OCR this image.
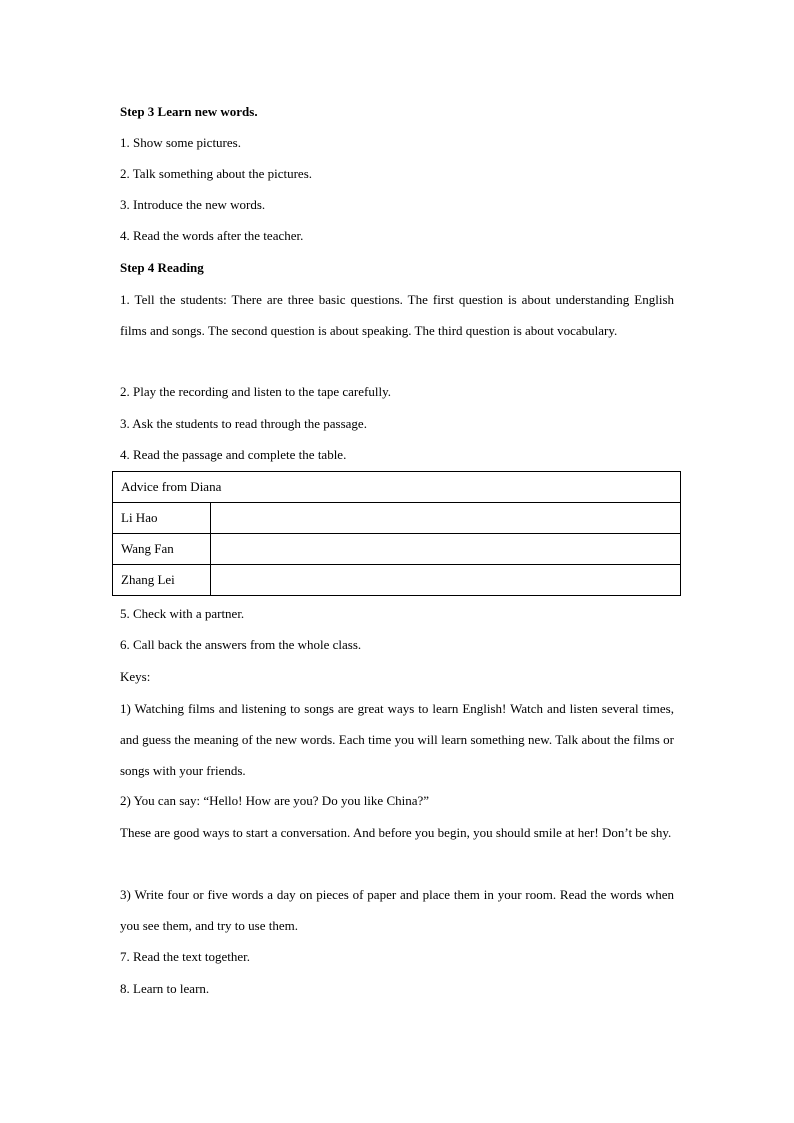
Step 3 Learn new words.
1. Show some pictures.
2. Talk something about the pictures.
3. Introduce the new words.
4. Read the words after the teacher.
Step 4 Reading
1. Tell the students: There are three basic questions. The first question is about understanding English films and songs. The second question is about speaking. The third question is about vocabulary.
2. Play the recording and listen to the tape carefully.
3. Ask the students to read through the passage.
4. Read the passage and complete the table.
Advice from Diana	
Li Hao	
Wang Fan	
Zhang Lei	
5. Check with a partner.
6. Call back the answers from the whole class.
Keys:
1) Watching films and listening to songs are great ways to learn English! Watch and listen several times, and guess the meaning of the new words. Each time you will learn something new. Talk about the films or songs with your friends.
2) You can say: “Hello! How are you? Do you like China?”
These are good ways to start a conversation. And before you begin, you should smile at her! Don’t be shy.
3) Write four or five words a day on pieces of paper and place them in your room. Read the words when you see them, and try to use them.
7. Read the text together.
8. Learn to learn.
